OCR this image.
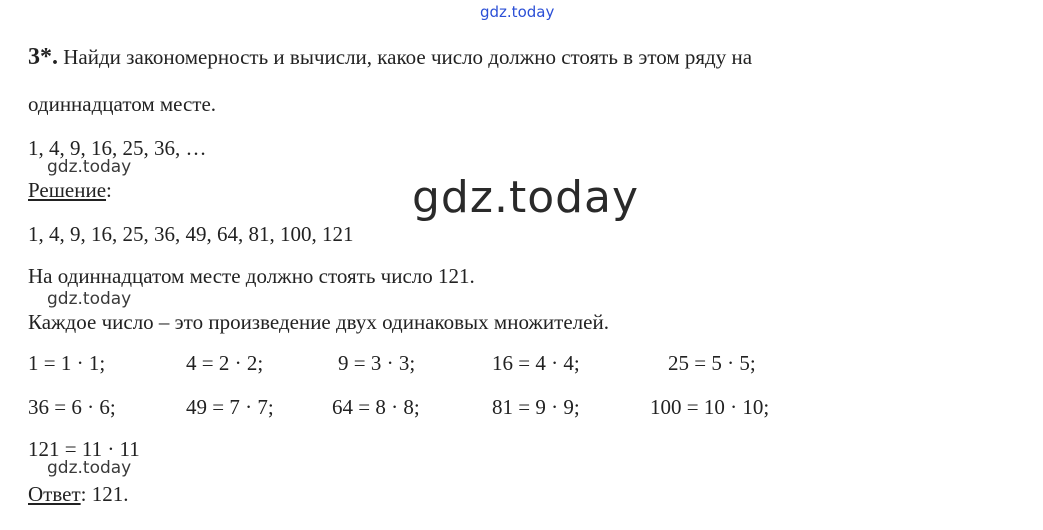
gdz.today
3*. Найди закономерность и вычисли, какое число должно стоять в этом ряду на
одиннадцатом месте.
1, 4, 9, 16, 25, 36, …
gdz.today
Решение:	gdz.today
1, 4, 9, 16, 25, 36, 49, 64, 81, 100, 121
На одиннадцатом месте должно стоять число 121.
gdz.today
Каждое число – это произведение двух одинаковых множителей.
1 = 1 · 1;	4 = 2 · 2;	9 = 3 · 3;	16 = 4 · 4;	25 = 5 · 5;
36 = 6 · 6;	49 = 7 · 7;	64 = 8 · 8;	81 = 9 · 9;	100 = 10 · 10;
121 = 11 · 11
gdz.today
Ответ: 121.
